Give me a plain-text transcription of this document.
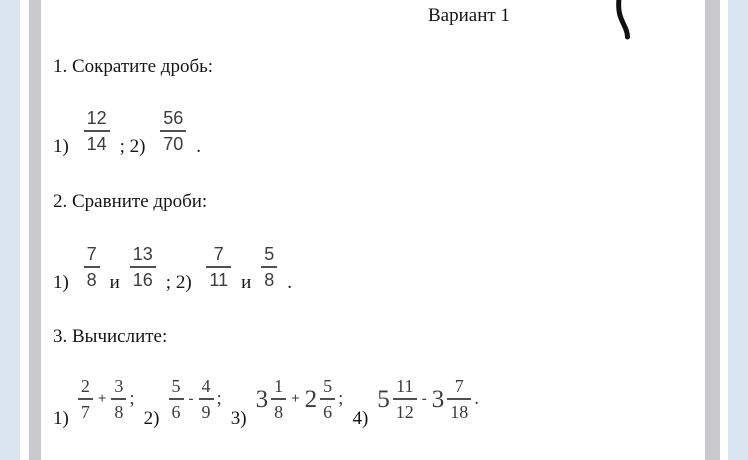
Вариант 1
1. Сократите дробь:
$1) \frac{12}{14}$ ; $2) \frac{56}{70}$ .
2. Сравните дроби:
$1) \frac{7}{8}$ и $\frac{13}{16}$ ; $2) \frac{7}{11}$ и $\frac{5}{8}$ .
3. Вычислите:
$1) \frac{2}{7} + \frac{3}{8}$ ;
$2) \frac{5}{6} - \frac{4}{9}$ ;
3)
$3 \frac{1}{8} + 2 \frac{5}{6}$ ;
4)
$5 \frac{11}{12} - 3 \frac{7}{18}$ .
